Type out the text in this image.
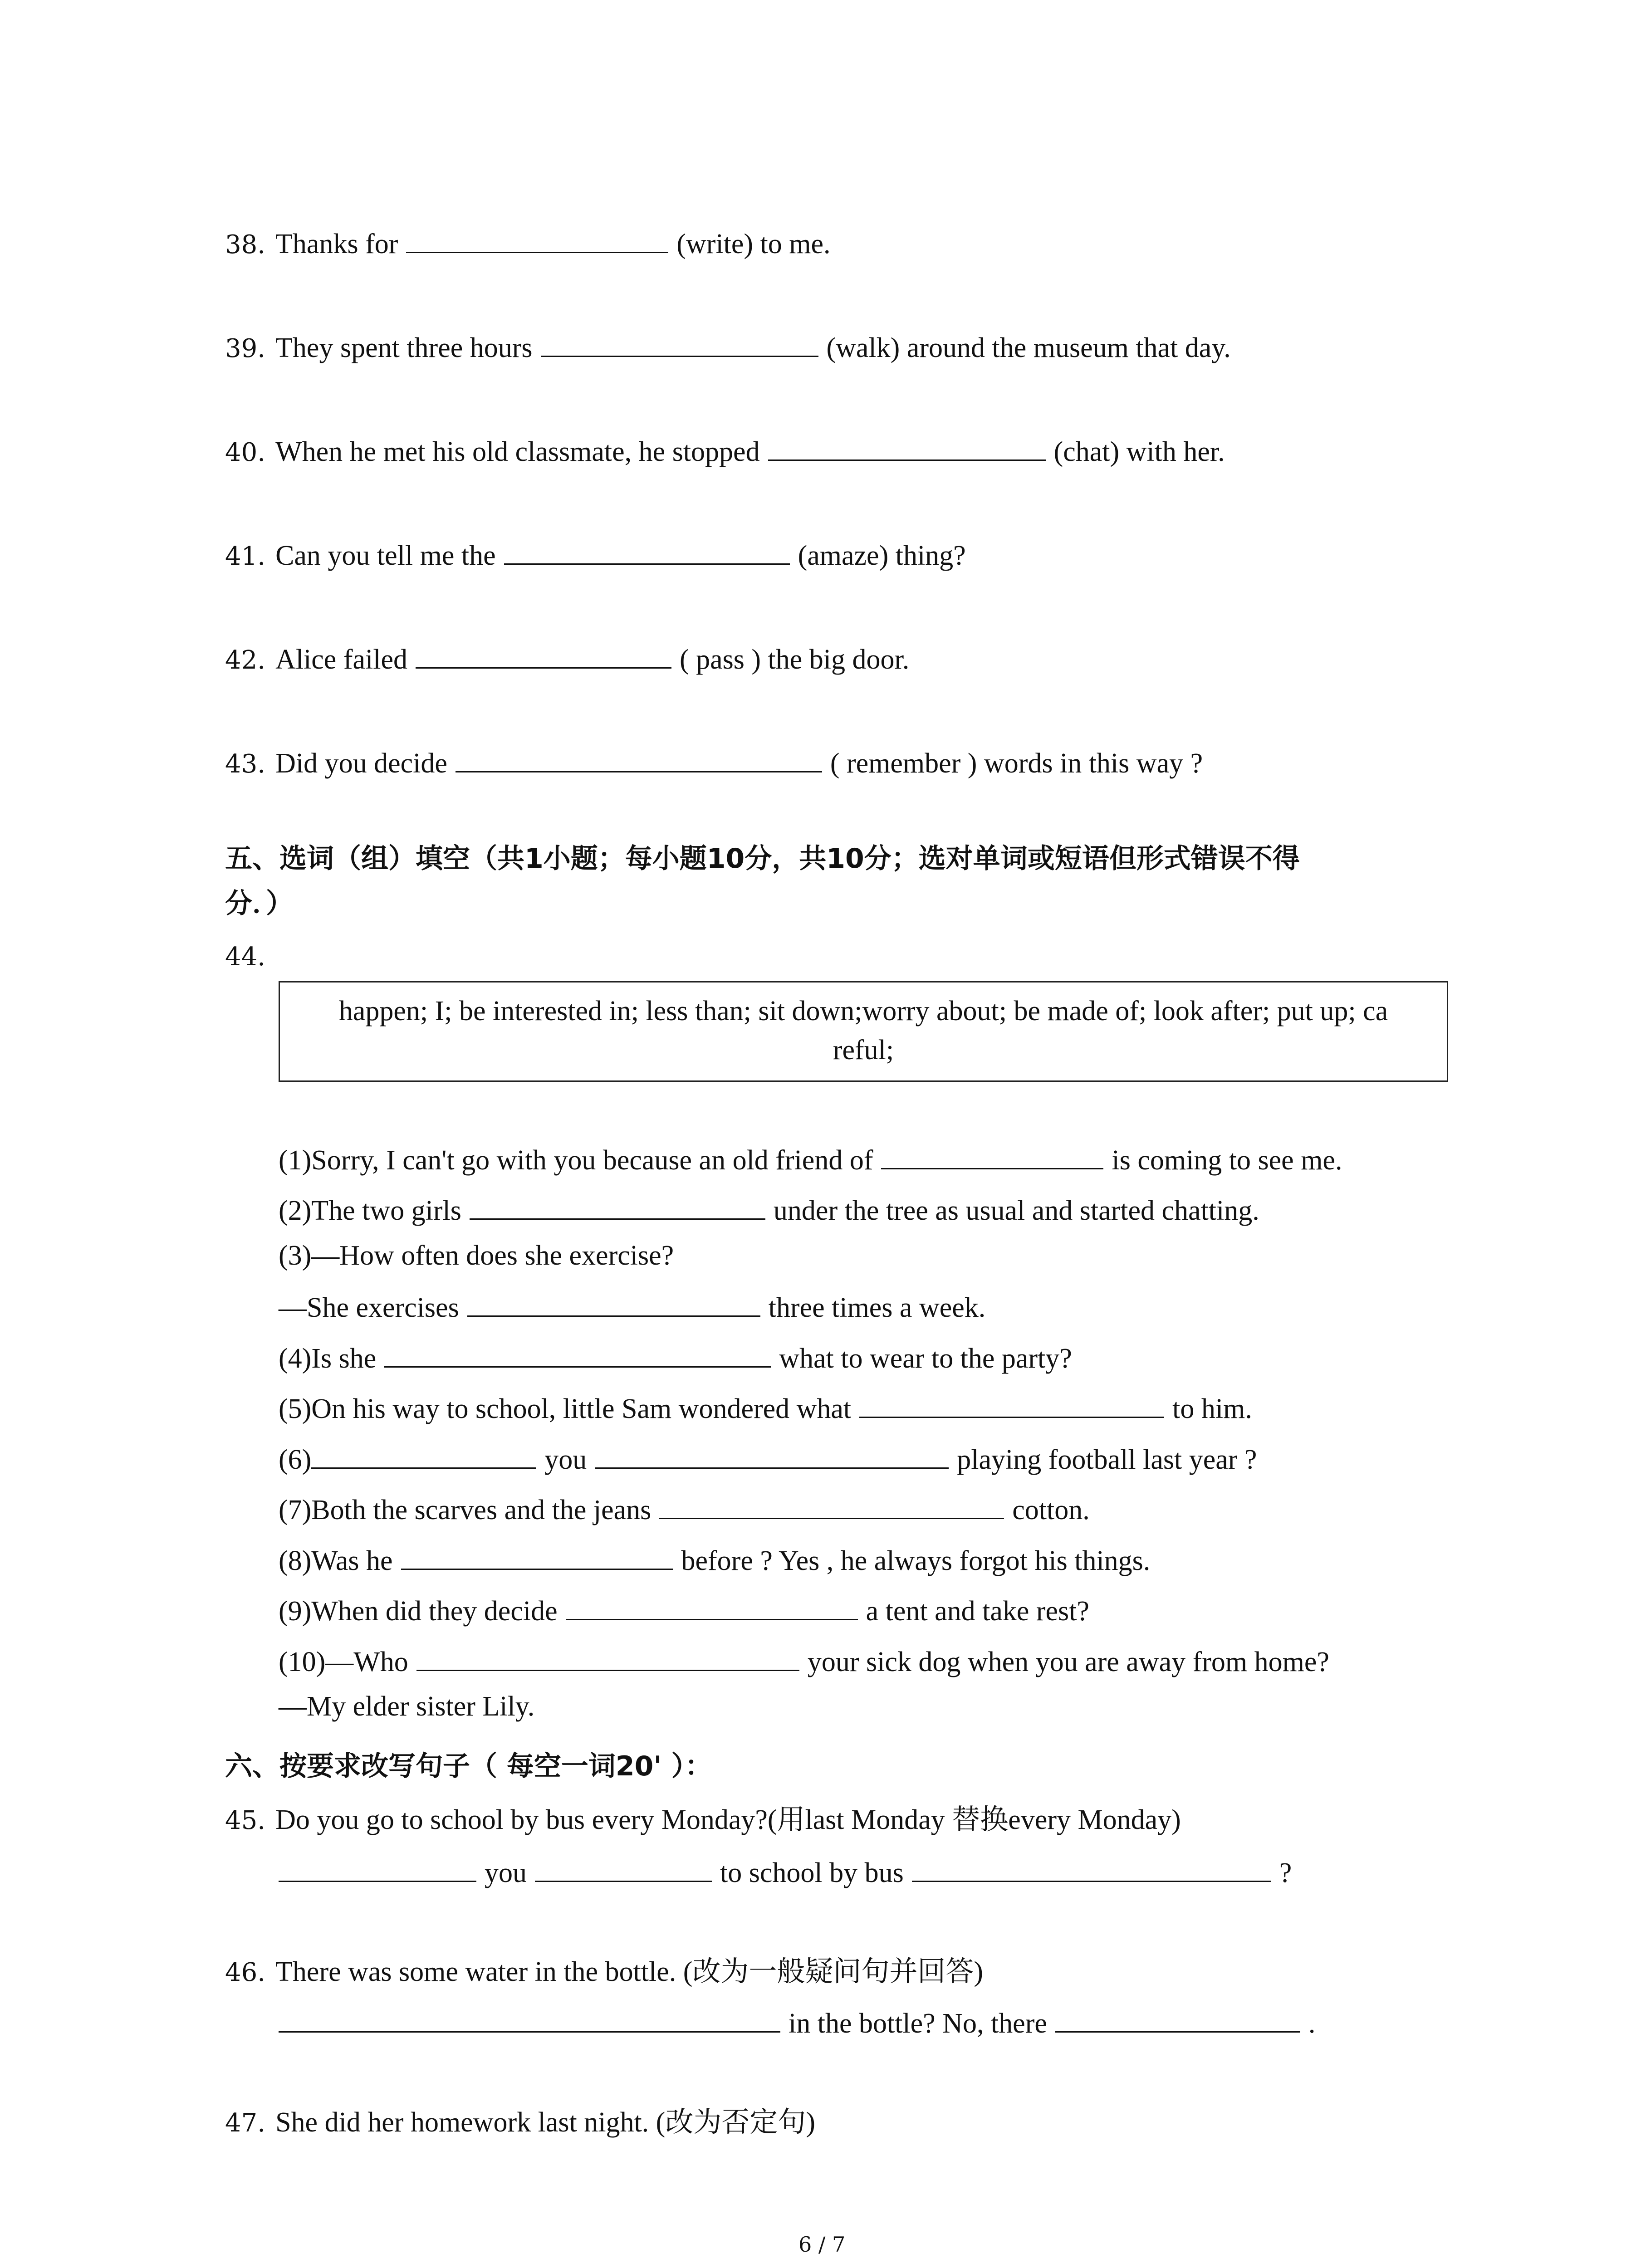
38. Thanks for	(write) to me.
39. They spent three hours	(walk) around the museum that day.
40. When he met his old classmate, he stopped	(chat) with her.
41. Can you tell me the	(amaze) thing?
42. Alice failed	( pass ) the big door.
43. Did you decide	( remember ) words in this way ?
五、选词（组）填空（共1小题；每小题10分，共10分；选对单词或短语但形式错误不得
分．）
44.
happen; I; be interested in; less than; sit down;worry about; be made of; look after; put up; ca
reful;
(1)Sorry, I can't go with you because an old friend of	is coming to see me.
(2)The two girls	under the tree as usual and started chatting.
(3)—How often does she exercise?
—She exercises	three times a week.
(4)Is she	what to wear to the party?
(5)On his way to school, little Sam wondered what	to him.
(6)	you	playing football last year ?
(7)Both the scarves and the jeans	cotton.
(8)Was he	before ? Yes , he always forgot his things.
(9)When did they decide	a tent and take rest?
(10)—Who	your sick dog when you are away from home?
—My elder sister Lily.
六、按要求改写句子（ 每空一词20' ）：
45. Do you go to school by bus every Monday?(用last Monday 替换every Monday)
you	to school by bus	?
46. There was some water in the bottle. (改为一般疑问句并回答)
in the bottle? No, there	.
47. She did her homework last night. (改为否定句)
6 / 7
